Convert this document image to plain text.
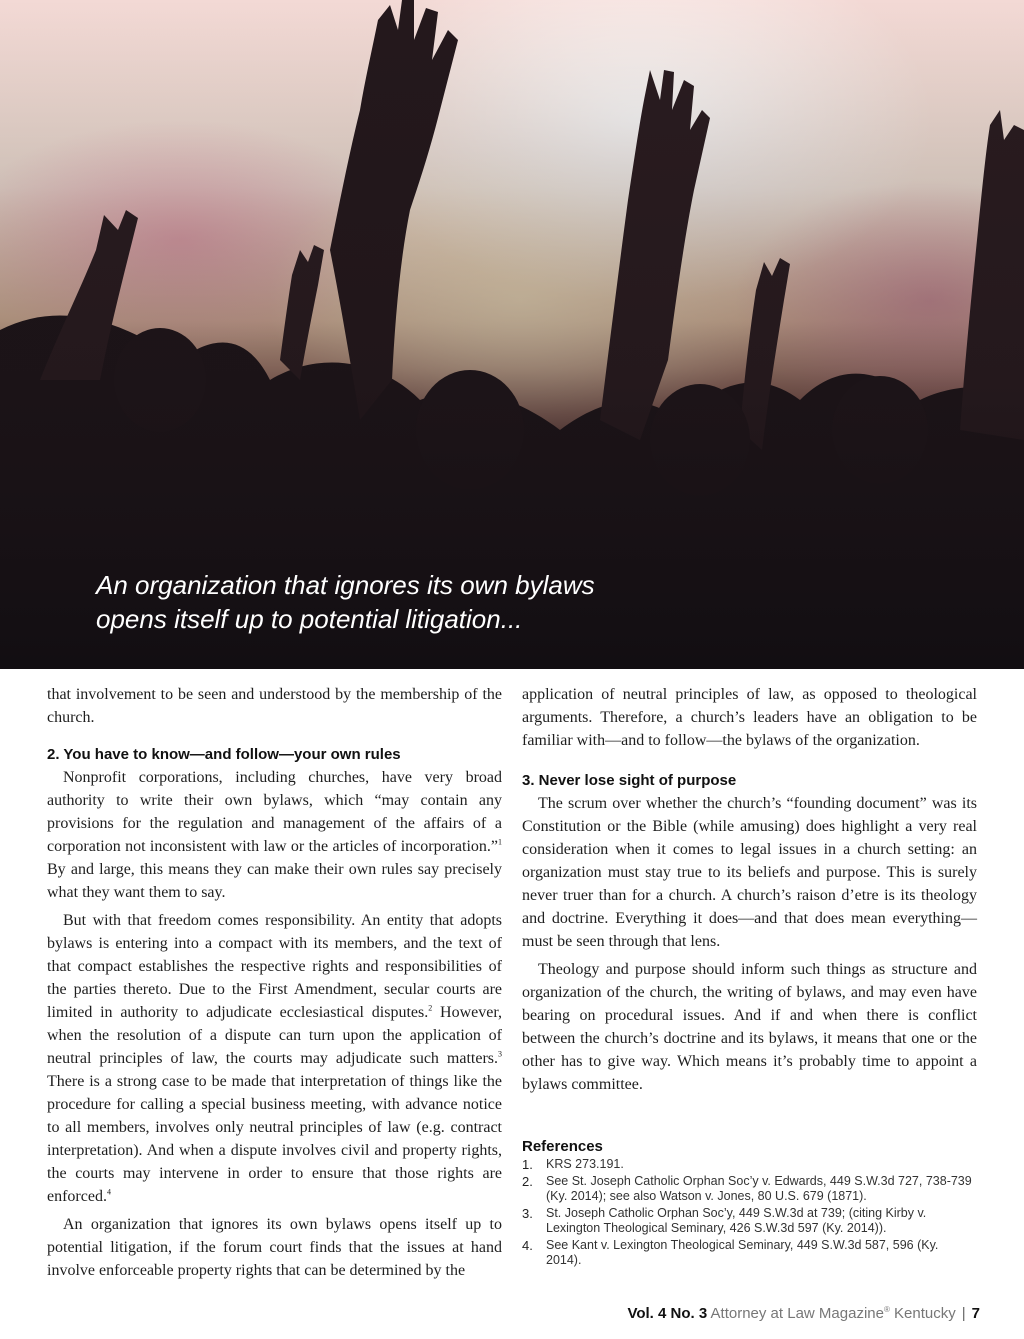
An organization that ignores its own bylaws
opens itself up to potential litigation...

that involvement to be seen and understood by the membership of the church.

2. You have to know—and follow—your own rules

Nonprofit corporations, including churches, have very broad authority to write their own bylaws, which “may contain any provisions for the regulation and management of the affairs of a corporation not inconsistent with law or the articles of incorporation.”$^1$ By and large, this means they can make their own rules say precisely what they want them to say.

But with that freedom comes responsibility. An entity that adopts bylaws is entering into a compact with its members, and the text of that compact establishes the respective rights and responsibilities of the parties thereto. Due to the First Amendment, secular courts are limited in authority to adjudicate ecclesiastical disputes.$^2$ However, when the resolution of a dispute can turn upon the application of neutral principles of law, the courts may adjudicate such matters.$^3$ There is a strong case to be made that interpretation of things like the procedure for calling a special business meeting, with advance notice to all members, involves only neutral principles of law (e.g. contract interpretation). And when a dispute involves civil and property rights, the courts may intervene in order to ensure that those rights are enforced.$^4$

An organization that ignores its own bylaws opens itself up to potential litigation, if the forum court finds that the issues at hand involve enforceable property rights that can be determined by the

application of neutral principles of law, as opposed to theological arguments. Therefore, a church’s leaders have an obligation to be familiar with—and to follow—the bylaws of the organization.

3. Never lose sight of purpose

The scrum over whether the church’s “founding document” was its Constitution or the Bible (while amusing) does highlight a very real consideration when it comes to legal issues in a church setting: an organization must stay true to its beliefs and purpose. This is surely never truer than for a church. A church’s raison d’etre is its theology and doctrine. Everything it does—and that does mean everything—must be seen through that lens.

Theology and purpose should inform such things as structure and organization of the church, the writing of bylaws, and may even have bearing on procedural issues. And if and when there is conflict between the church’s doctrine and its bylaws, it means that one or the other has to give way. Which means it’s probably time to appoint a bylaws committee.

References
1. KRS 273.191.
2. See St. Joseph Catholic Orphan Soc’y v. Edwards, 449 S.W.3d 727, 738-739 (Ky. 2014); see also Watson v. Jones, 80 U.S. 679 (1871).
3. St. Joseph Catholic Orphan Soc’y, 449 S.W.3d at 739; (citing Kirby v. Lexington Theological Seminary, 426 S.W.3d 597 (Ky. 2014)).
4. See Kant v. Lexington Theological Seminary, 449 S.W.3d 587, 596 (Ky. 2014).
Vol. 4 No. 3 Attorney at Law Magazine® Kentucky | 7
